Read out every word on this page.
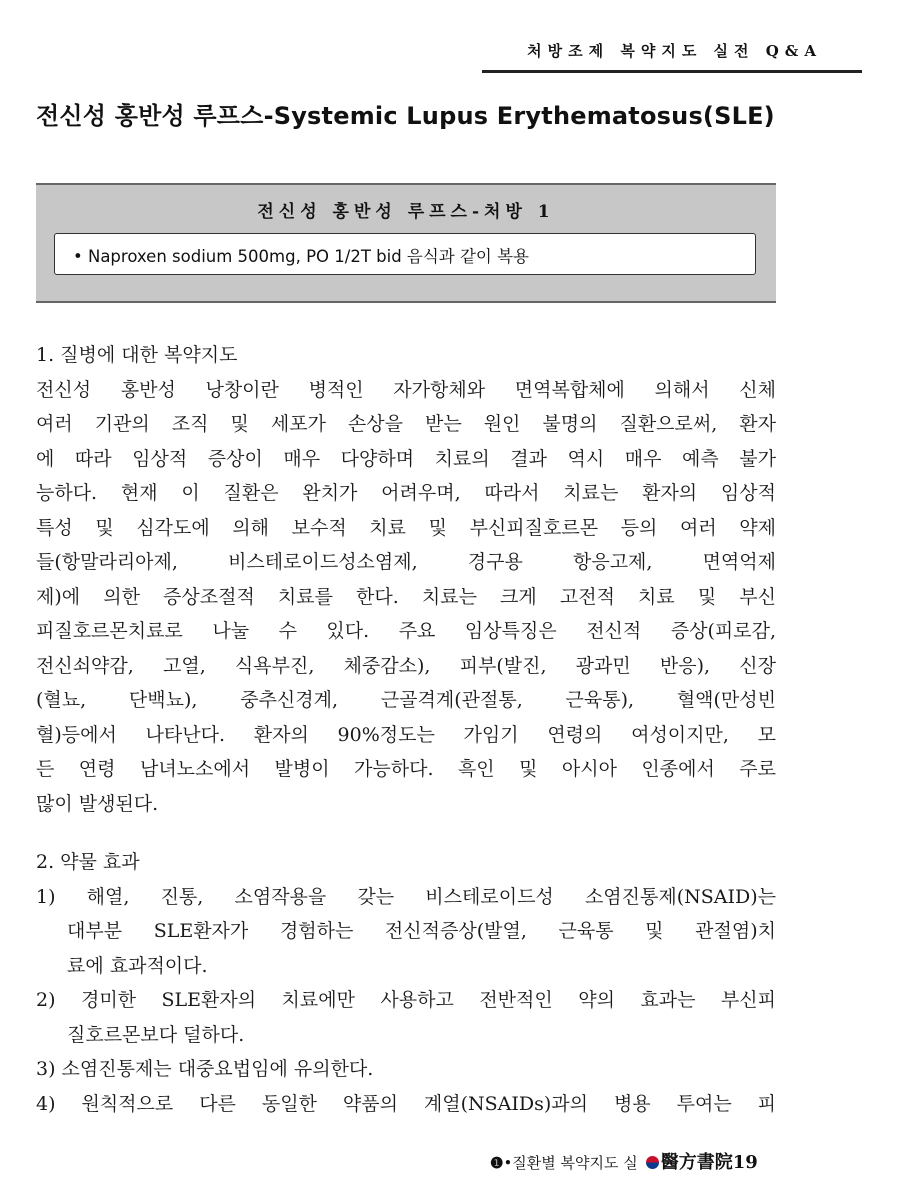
처방조제 복약지도 실전 Q&A
전신성 홍반성 루프스-Systemic Lupus Erythematosus(SLE)
전신성 홍반성 루프스-처방 1
• Naproxen sodium 500mg, PO 1/2T bid 음식과 같이 복용
1. 질병에 대한 복약지도
전신성 홍반성 낭창이란 병적인 자가항체와 면역복합체에 의해서 신체
여러 기관의 조직 및 세포가 손상을 받는 원인 불명의 질환으로써, 환자
에 따라 임상적 증상이 매우 다양하며 치료의 결과 역시 매우 예측 불가
능하다. 현재 이 질환은 완치가 어려우며, 따라서 치료는 환자의 임상적
특성 및 심각도에 의해 보수적 치료 및 부신피질호르몬 등의 여러 약제
들(항말라리아제, 비스테로이드성소염제, 경구용 항응고제, 면역억제
제)에 의한 증상조절적 치료를 한다. 치료는 크게 고전적 치료 및 부신
피질호르몬치료로 나눌 수 있다. 주요 임상특징은 전신적 증상(피로감,
전신쇠약감, 고열, 식욕부진, 체중감소), 피부(발진, 광과민 반응), 신장
(혈뇨, 단백뇨), 중추신경계, 근골격계(관절통, 근육통), 혈액(만성빈
혈)등에서 나타난다. 환자의 90%정도는 가임기 연령의 여성이지만, 모
든 연령 남녀노소에서 발병이 가능하다. 흑인 및 아시아 인종에서 주로
많이 발생된다.
2. 약물 효과
1) 해열, 진통, 소염작용을 갖는 비스테로이드성 소염진통제(NSAID)는
대부분 SLE환자가 경험하는 전신적증상(발열, 근육통 및 관절염)치
료에 효과적이다.
2) 경미한 SLE환자의 치료에만 사용하고 전반적인 약의 효과는 부신피
질호르몬보다 덜하다.
3) 소염진통제는 대중요법임에 유의한다.
4) 원칙적으로 다른 동일한 약품의 계열(NSAIDs)과의 병용 투여는 피
❶•질환별 복약지도 실 醫方書院19
